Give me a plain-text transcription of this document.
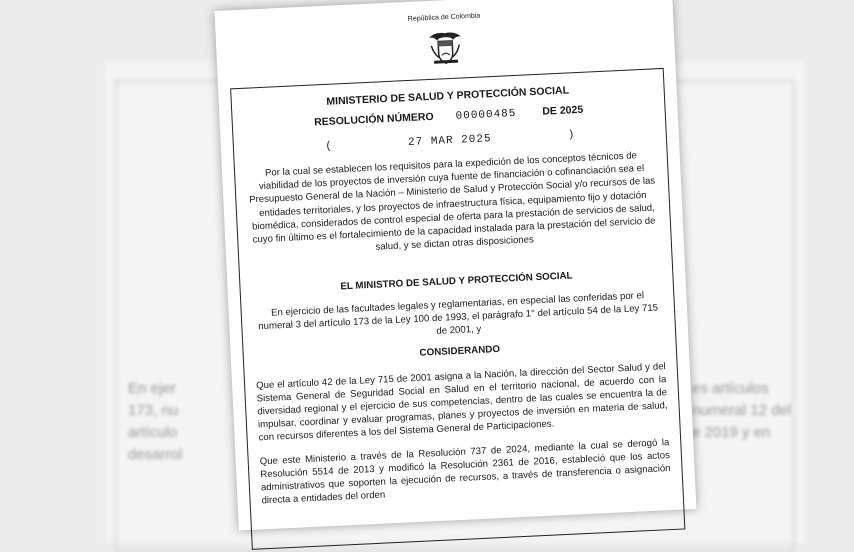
En ejer
173, nu
artículo
desarrol
es artículos
numeral 12 del
e 2019 y en
República de Colombia
MINISTERIO DE SALUD Y PROTECCIÓN SOCIAL
RESOLUCIÓN NÚMERO 00000485 DE 2025
(	27 MAR 2025	)
Por la cual se establecen los requisitos para la expedición de los conceptos técnicos de viabilidad de los proyectos de inversión cuya fuente de financiación o cofinanciación sea el Presupuesto General de la Nación – Ministerio de Salud y Protección Social y/o recursos de las entidades territoriales, y los proyectos de infraestructura física, equipamiento fijo y dotación biomédica, considerados de control especial de oferta para la prestación de servicios de salud, cuyo fin último es el fortalecimiento de la capacidad instalada para la prestación del servicio de salud, y se dictan otras disposiciones
EL MINISTRO DE SALUD Y PROTECCIÓN SOCIAL
En ejercicio de las facultades legales y reglamentarias, en especial las conferidas por el numeral 3 del artículo 173 de la Ley 100 de 1993, el parágrafo 1° del artículo 54 de la Ley 715 de 2001, y
CONSIDERANDO
Que el artículo 42 de la Ley 715 de 2001 asigna a la Nación, la dirección del Sector Salud y del Sistema General de Seguridad Social en Salud en el territorio nacional, de acuerdo con la diversidad regional y el ejercicio de sus competencias, dentro de las cuales se encuentra la de impulsar, coordinar y evaluar programas, planes y proyectos de inversión en materia de salud, con recursos diferentes a los del Sistema General de Participaciones.
Que este Ministerio a través de la Resolución 737 de 2024, mediante la cual se derogó la Resolución 5514 de 2013 y modificó la Resolución 2361 de 2016, estableció que los actos administrativos que soporten la ejecución de recursos, a través de transferencia o asignación directa a entidades del orden
